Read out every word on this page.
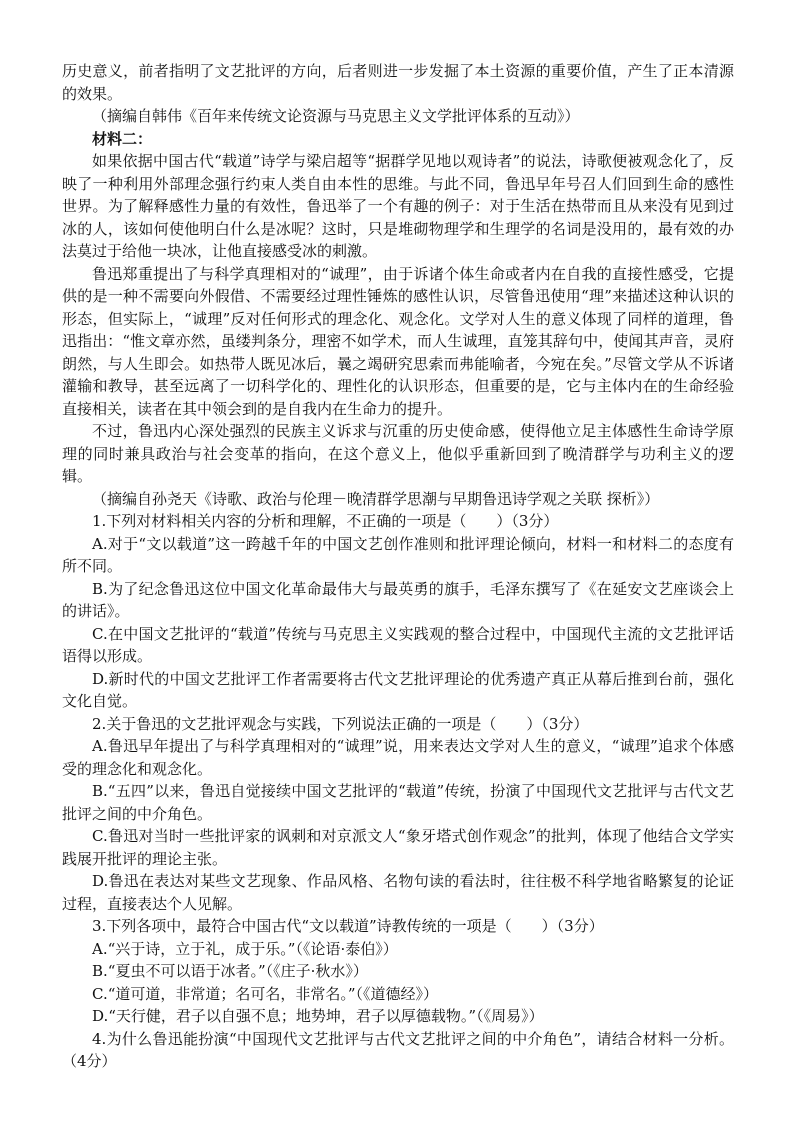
历史意义，前者指明了文艺批评的方向，后者则进一步发掘了本土资源的重要价值，产生了正本清源的效果。

（摘编自韩伟《百年来传统文论资源与马克思主义文学批评体系的互动》）

材料二：

如果依据中国古代“载道”诗学与梁启超等“据群学见地以观诗者”的说法，诗歌便被观念化了，反映了一种利用外部理念强行约束人类自由本性的思维。与此不同，鲁迅早年号召人们回到生命的感性世界。为了解释感性力量的有效性，鲁迅举了一个有趣的例子：对于生活在热带而且从来没有见到过冰的人，该如何使他明白什么是冰呢？这时，只是堆砌物理学和生理学的名词是没用的，最有效的办法莫过于给他一块冰，让他直接感受冰的刺激。

鲁迅郑重提出了与科学真理相对的“诚理”，由于诉诸个体生命或者内在自我的直接性感受，它提供的是一种不需要向外假借、不需要经过理性锤炼的感性认识，尽管鲁迅使用“理”来描述这种认识的形态，但实际上，“诚理”反对任何形式的理念化、观念化。文学对人生的意义体现了同样的道理，鲁迅指出：“惟文章亦然，虽缕判条分，理密不如学术，而人生诚理，直笼其辞句中，使闻其声音，灵府朗然，与人生即会。如热带人既见冰后，曩之竭研究思索而弗能喻者，今宛在矣。”尽管文学从不诉诸灌输和教导，甚至远离了一切科学化的、理性化的认识形态，但重要的是，它与主体内在的生命经验直接相关，读者在其中领会到的是自我内在生命力的提升。

不过，鲁迅内心深处强烈的民族主义诉求与沉重的历史使命感，使得他立足主体感性生命诗学原理的同时兼具政治与社会变革的指向，在这个意义上，他似乎重新回到了晚清群学与功利主义的逻辑。

（摘编自孙尧天《诗歌、政治与伦理－晚清群学思潮与早期鲁迅诗学观之关联 探析》）

1.下列对材料相关内容的分析和理解，不正确的一项是（　　）（3分）

A.对于“文以载道”这一跨越千年的中国文艺创作准则和批评理论倾向，材料一和材料二的态度有所不同。

B.为了纪念鲁迅这位中国文化革命最伟大与最英勇的旗手，毛泽东撰写了《在延安文艺座谈会上的讲话》。

C.在中国文艺批评的“载道”传统与马克思主义实践观的整合过程中，中国现代主流的文艺批评话语得以形成。

D.新时代的中国文艺批评工作者需要将古代文艺批评理论的优秀遗产真正从幕后推到台前，强化文化自觉。

2.关于鲁迅的文艺批评观念与实践，下列说法正确的一项是（　　）（3分）

A.鲁迅早年提出了与科学真理相对的“诚理”说，用来表达文学对人生的意义，“诚理”追求个体感受的理念化和观念化。

B.“五四”以来，鲁迅自觉接续中国文艺批评的“载道”传统，扮演了中国现代文艺批评与古代文艺批评之间的中介角色。

C.鲁迅对当时一些批评家的讽刺和对京派文人“象牙塔式创作观念”的批判，体现了他结合文学实践展开批评的理论主张。

D.鲁迅在表达对某些文艺现象、作品风格、名物句读的看法时，往往极不科学地省略繁复的论证过程，直接表达个人见解。

3.下列各项中，最符合中国古代“文以载道”诗教传统的一项是（　　）（3分）

A.“兴于诗，立于礼，成于乐。”（《论语·泰伯》）

B.“夏虫不可以语于冰者。”（《庄子·秋水》）

C.“道可道，非常道；名可名，非常名。”（《道德经》）

D.“天行健，君子以自强不息；地势坤，君子以厚德载物。”（《周易》）

4.为什么鲁迅能扮演“中国现代文艺批评与古代文艺批评之间的中介角色”，请结合材料一分析。（4分）
